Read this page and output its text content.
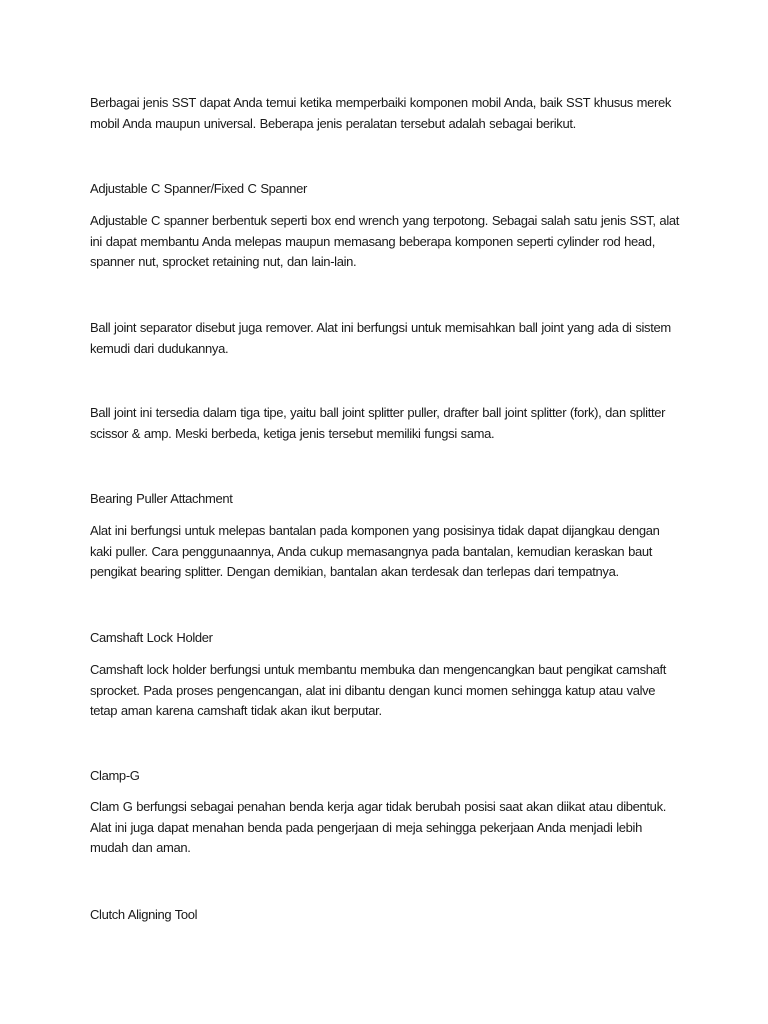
Berbagai jenis SST dapat Anda temui ketika memperbaiki komponen mobil Anda, baik SST khusus merek mobil Anda maupun universal. Beberapa jenis peralatan tersebut adalah sebagai berikut.

Adjustable C Spanner/Fixed C Spanner

Adjustable C spanner berbentuk seperti box end wrench yang terpotong. Sebagai salah satu jenis SST, alat ini dapat membantu Anda melepas maupun memasang beberapa komponen seperti cylinder rod head, spanner nut, sprocket retaining nut, dan lain-lain.

Ball joint separator disebut juga remover. Alat ini berfungsi untuk memisahkan ball joint yang ada di sistem kemudi dari dudukannya.

Ball joint ini tersedia dalam tiga tipe, yaitu ball joint splitter puller, drafter ball joint splitter (fork), dan splitter scissor & amp. Meski berbeda, ketiga jenis tersebut memiliki fungsi sama.

Bearing Puller Attachment

Alat ini berfungsi untuk melepas bantalan pada komponen yang posisinya tidak dapat dijangkau dengan kaki puller. Cara penggunaannya, Anda cukup memasangnya pada bantalan, kemudian keraskan baut pengikat bearing splitter. Dengan demikian, bantalan akan terdesak dan terlepas dari tempatnya.

Camshaft Lock Holder

Camshaft lock holder berfungsi untuk membantu membuka dan mengencangkan baut pengikat camshaft sprocket. Pada proses pengencangan, alat ini dibantu dengan kunci momen sehingga katup atau valve tetap aman karena camshaft tidak akan ikut berputar.

Clamp-G

Clam G berfungsi sebagai penahan benda kerja agar tidak berubah posisi saat akan diikat atau dibentuk. Alat ini juga dapat menahan benda pada pengerjaan di meja sehingga pekerjaan Anda menjadi lebih mudah dan aman.

Clutch Aligning Tool
